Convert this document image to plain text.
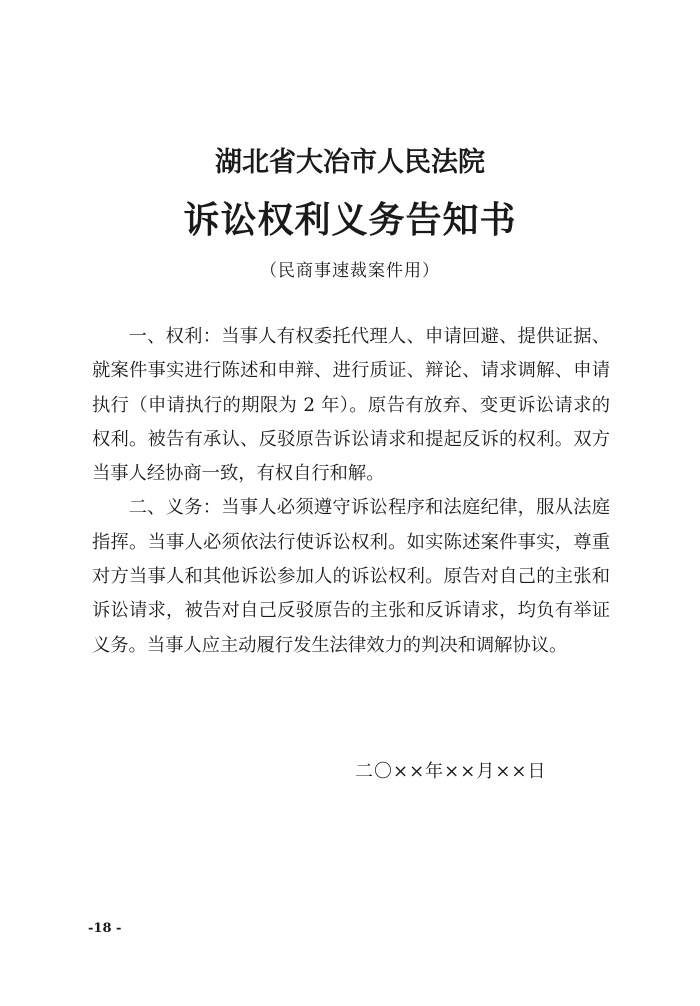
湖北省大冶市人民法院
诉讼权利义务告知书
（民商事速裁案件用）

一、权利：当事人有权委托代理人、申请回避、提供证据、就案件事实进行陈述和申辩、进行质证、辩论、请求调解、申请执行（申请执行的期限为 2 年）。原告有放弃、变更诉讼请求的权利。被告有承认、反驳原告诉讼请求和提起反诉的权利。双方当事人经协商一致，有权自行和解。

二、义务：当事人必须遵守诉讼程序和法庭纪律，服从法庭指挥。当事人必须依法行使诉讼权利。如实陈述案件事实，尊重对方当事人和其他诉讼参加人的诉讼权利。原告对自己的主张和诉讼请求，被告对自己反驳原告的主张和反诉请求，均负有举证义务。当事人应主动履行发生法律效力的判决和调解协议。

二〇××年××月××日
-18 -
